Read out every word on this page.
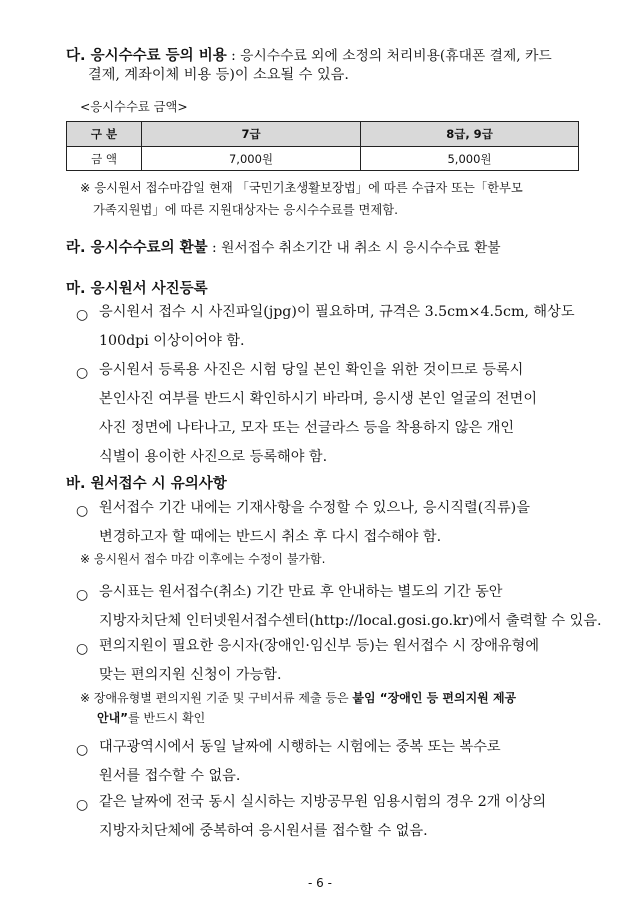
다. 응시수수료 등의 비용 : 응시수수료 외에 소정의 처리비용(휴대폰 결제, 카드
결제, 계좌이체 비용 등)이 소요될 수 있음.
<응시수수료 금액>
구 분	7급	8급, 9급
금 액	7,000원	5,000원
※ 응시원서 접수마감일 현재 「국민기초생활보장법」에 따른 수급자 또는「한부모
가족지원법」에 따른 지원대상자는 응시수수료를 면제함.
라. 응시수수료의 환불 : 원서접수 취소기간 내 취소 시 응시수수료 환불
마. 응시원서 사진등록
○ 응시원서 접수 시 사진파일(jpg)이 필요하며, 규격은 3.5cm×4.5cm, 해상도
100dpi 이상이어야 함.
○ 응시원서 등록용 사진은 시험 당일 본인 확인을 위한 것이므로 등록시
본인사진 여부를 반드시 확인하시기 바라며, 응시생 본인 얼굴의 전면이
사진 정면에 나타나고, 모자 또는 선글라스 등을 착용하지 않은 개인
식별이 용이한 사진으로 등록해야 함.
바. 원서접수 시 유의사항
○ 원서접수 기간 내에는 기재사항을 수정할 수 있으나, 응시직렬(직류)을
변경하고자 할 때에는 반드시 취소 후 다시 접수해야 함.
※ 응시원서 접수 마감 이후에는 수정이 불가함.
○ 응시표는 원서접수(취소) 기간 만료 후 안내하는 별도의 기간 동안
지방자치단체 인터넷원서접수센터(http://local.gosi.go.kr)에서 출력할 수 있음.
○ 편의지원이 필요한 응시자(장애인·임신부 등)는 원서접수 시 장애유형에
맞는 편의지원 신청이 가능함.
※ 장애유형별 편의지원 기준 및 구비서류 제출 등은 붙임 “장애인 등 편의지원 제공
안내”를 반드시 확인
○ 대구광역시에서 동일 날짜에 시행하는 시험에는 중복 또는 복수로
원서를 접수할 수 없음.
○ 같은 날짜에 전국 동시 실시하는 지방공무원 임용시험의 경우 2개 이상의
지방자치단체에 중복하여 응시원서를 접수할 수 없음.
- 6 -
